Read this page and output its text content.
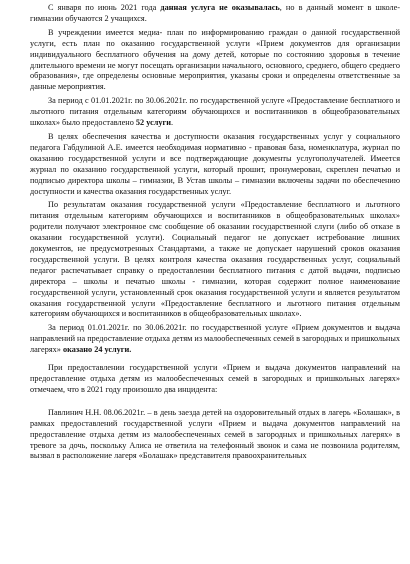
С января по июнь 2021 года данная услуга не оказывалась, но в данный момент в школе- гимназии обучаются 2 учащихся.

В учреждении имеется медиа- план по информированию граждан о данной государственной услуги, есть план по оказанию государственной услуги «Прием документов для организации индивидуального бесплатного обучения на дому детей, которые по состоянию здоровья в течение длительного времени не могут посещать организации начального, основного, среднего, общего среднего образования», где определены основные мероприятия, указаны сроки и определены ответственные за данные мероприятия.

За период с 01.01.2021г. по 30.06.2021г. по государственной услуге «Предоставление бесплатного и льготного питания отдельным категориям обучающихся и воспитанников в общеобразовательных школах» было предоставлено 52 услуги.

В целях обеспечения качества и доступности оказания государственных услуг у социального педагога Габдулиной А.Е. имеется необходимая нормативно - правовая база, номенклатура, журнал по оказанию государственной услуги и все подтверждающие документы услугополучателей. Имеется журнал по оказанию государственной услуги, который прошит, пронумерован, скреплен печатью и подписью директора школы – гимназии, В Устав школы – гимназии включены задачи по обеспечению доступности и качества оказания государственных услуг.

По результатам оказания государственной услуги «Предоставление бесплатного и льготного питания отдельным категориям обучающихся и воспитанников в общеобразовательных школах» родители получают электронное смс сообщение об оказании государственной слуги (либо об отказе в оказании государственной услуги). Социальный педагог не допускает истребование лишних документов, не предусмотренных Стандартами, а также не допускает нарушений сроков оказания государственной услуги. В целях контроля качества оказания государственных услуг, социальный педагог распечатывает справку о предоставлении бесплатного питания с датой выдачи, подписью директора – школы и печатью школы - гимназии, которая содержит полное наименование государственной услуги, установленный срок оказания государственной услуги и является результатом оказания государственной услуги «Предоставление бесплатного и льготного питания отдельным категориям обучающихся и воспитанников в общеобразовательных школах».

За период 01.01.2021г. по 30.06.2021г. по государственной услуге «Прием документов и выдача направлений на предоставление отдыха детям из малообеспеченных семей в загородных и пришкольных лагерях» оказано 24 услуги.

При предоставлении государственной услуги «Прием и выдача документов направлений на предоставление отдыха детям из малообеспеченных семей в загородных и пришкольных лагерях» отмечаем, что в 2021 году произошло два инцидента:

Павлинич Н.Н. 08.06.2021г. – в день заезда детей на оздоровительный отдых в лагерь «Болашак», в рамках предоставлений государственной услуги «Прием и выдача документов направлений на предоставление отдыха детям из малообеспеченных семей в загородных и пришкольных лагерях» в тревоге за дочь, поскольку Алиса не ответила на телефонный звонок и сама не позвонила родителям, вызвал в расположение лагеря «Болашак» представителя правоохранительных
